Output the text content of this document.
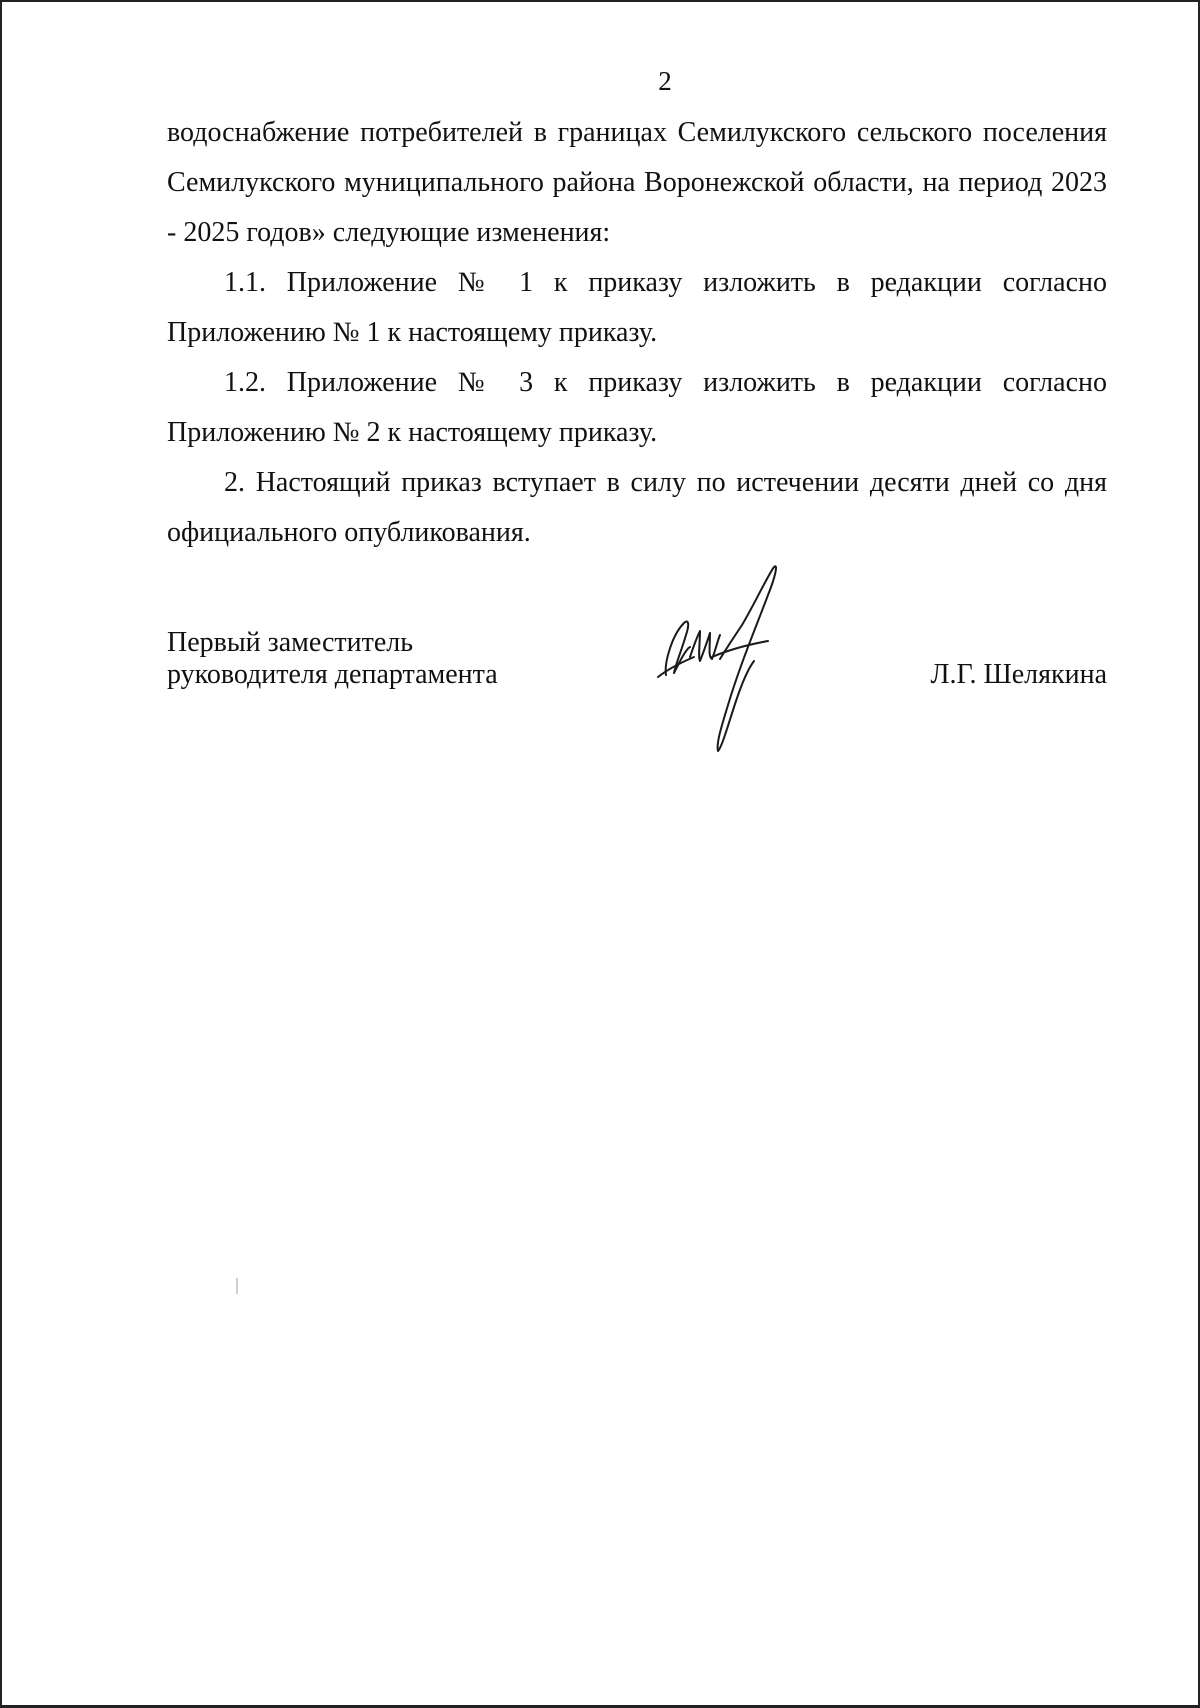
2

водоснабжение потребителей в границах Семилукского сельского поселения Семилукского муниципального района Воронежской области, на период 2023 - 2025 годов» следующие изменения:

1.1. Приложение № 1 к приказу изложить в редакции согласно Приложению № 1 к настоящему приказу.

1.2. Приложение № 3 к приказу изложить в редакции согласно Приложению № 2 к настоящему приказу.

2. Настоящий приказ вступает в силу по истечении десяти дней со дня официального опубликования.

Первый заместитель
руководителя департамента	Л.Г. Шелякина
